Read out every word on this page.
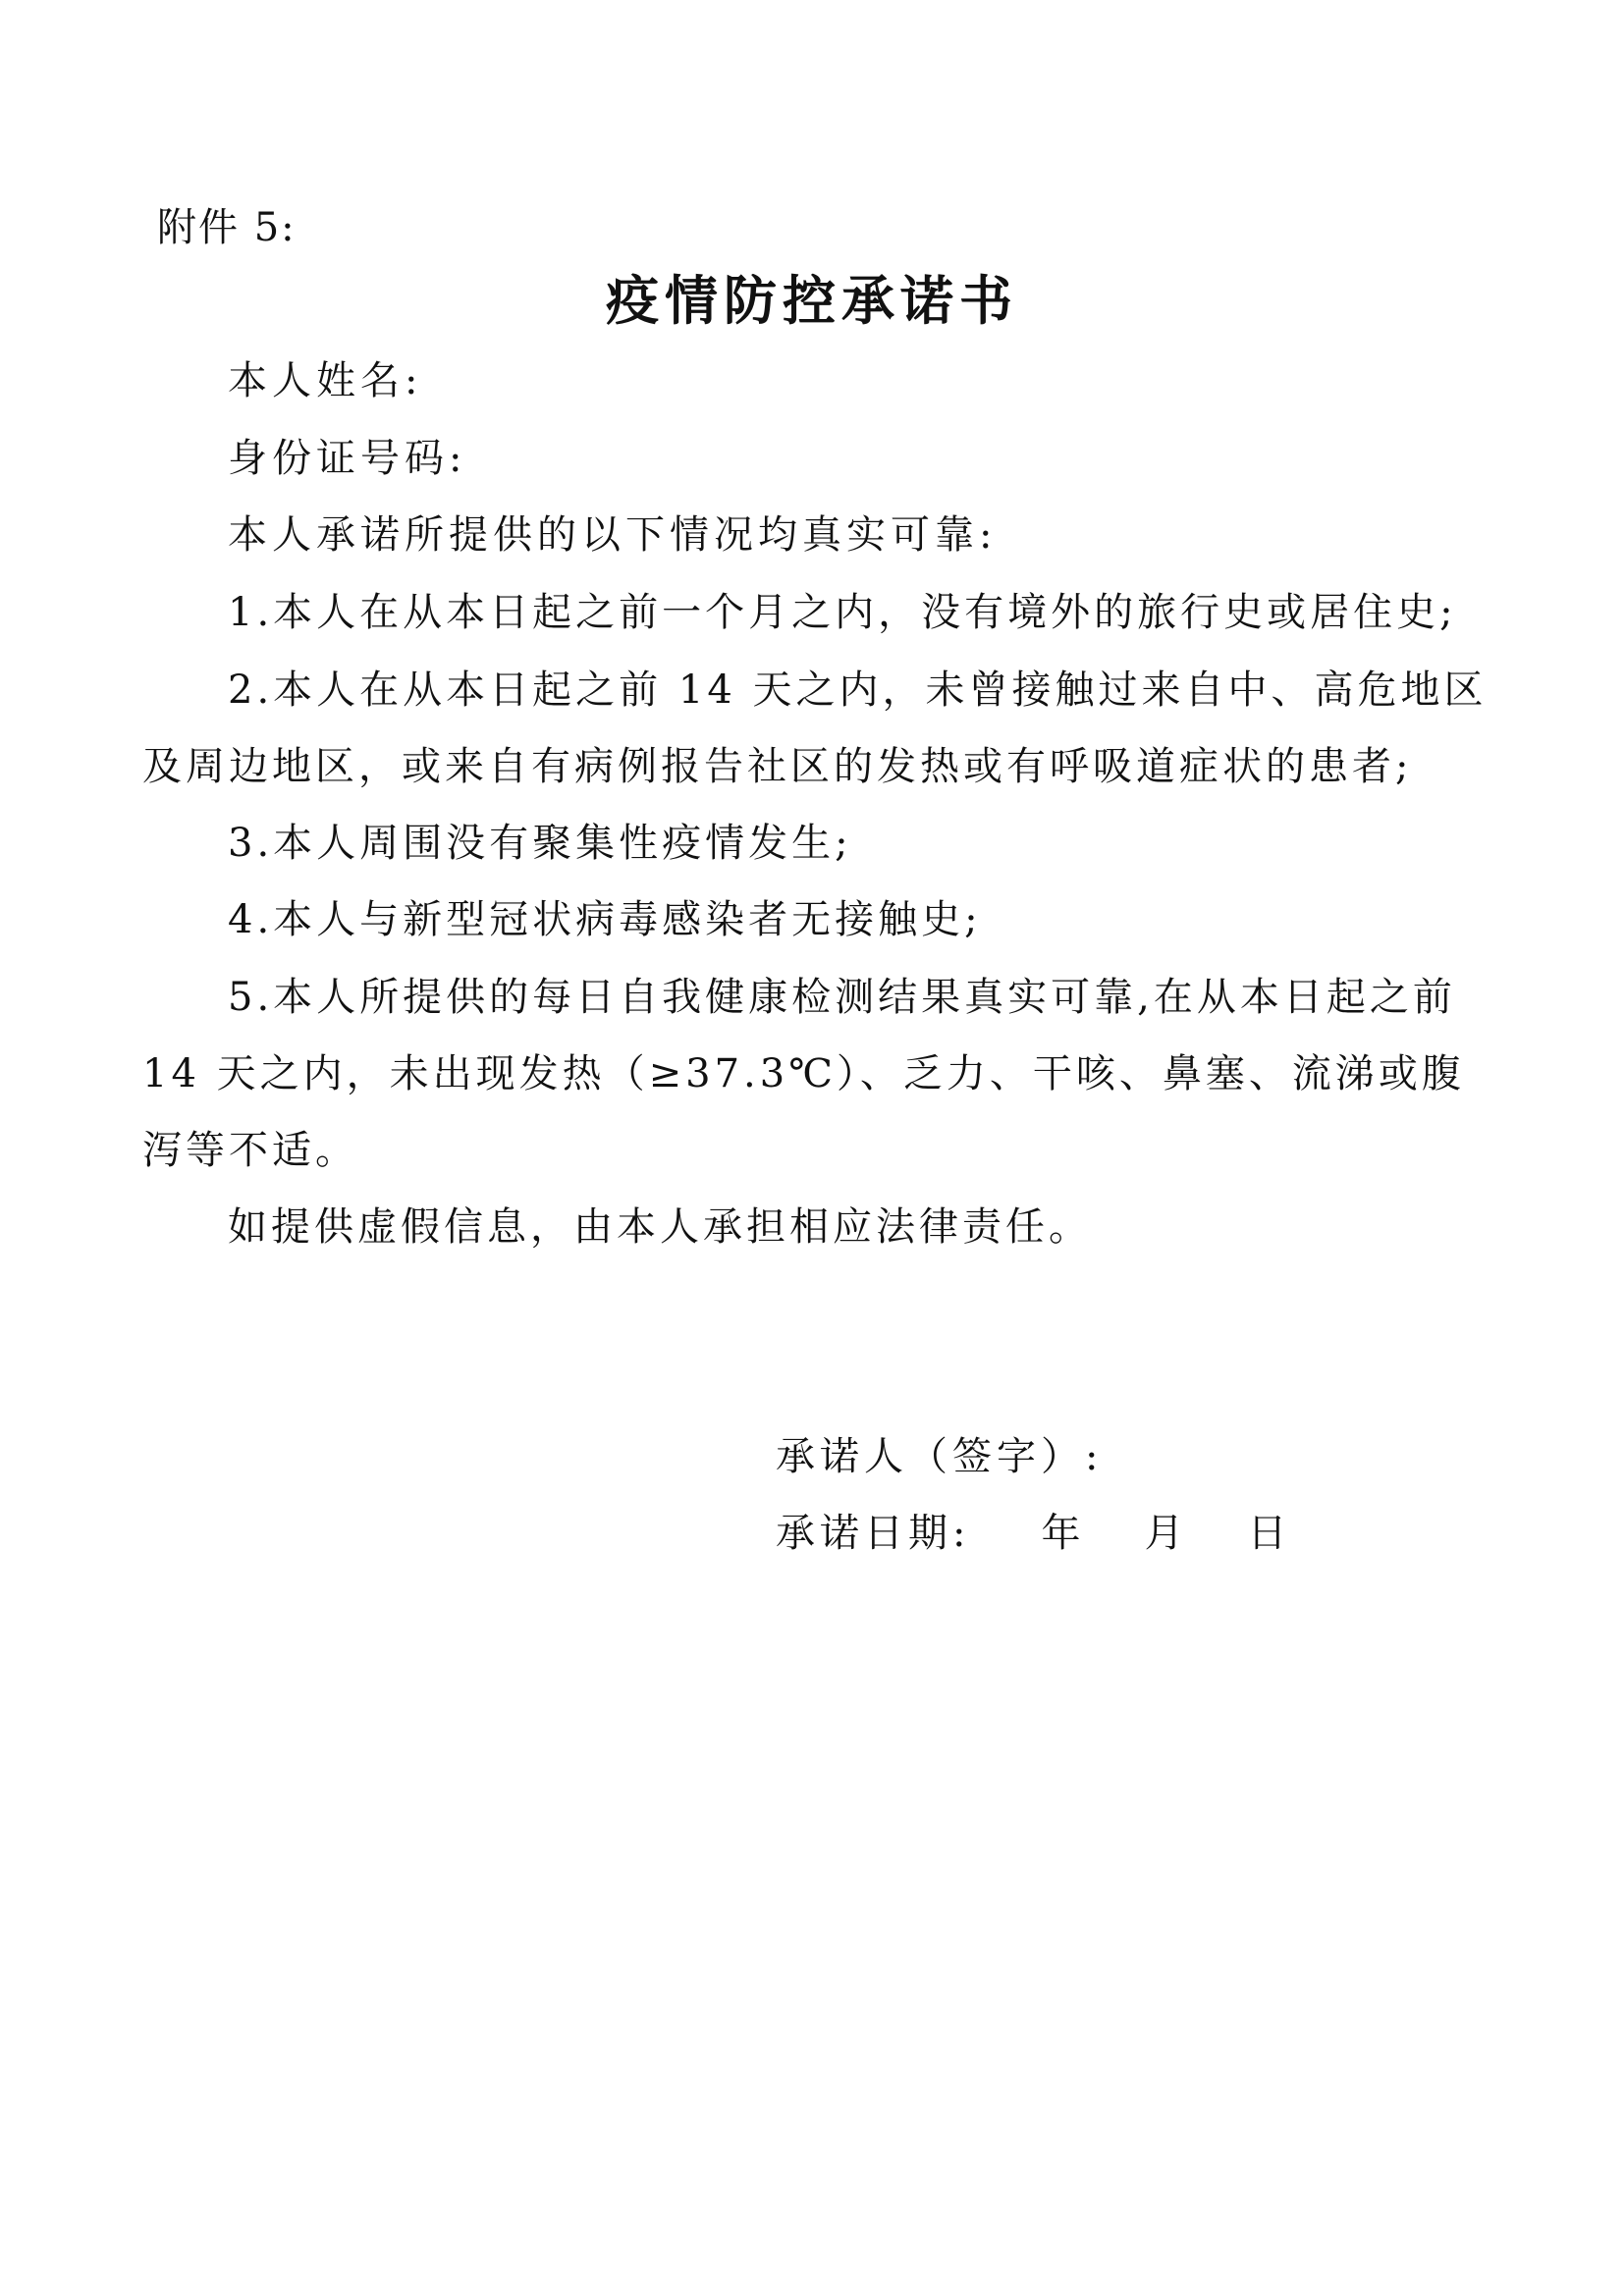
附件 5:
疫情防控承诺书
本人姓名:
身份证号码:
本人承诺所提供的以下情况均真实可靠:
1.本人在从本日起之前一个月之内，没有境外的旅行史或居住史;
2.本人在从本日起之前 14 天之内，未曾接触过来自中、高危地区
及周边地区，或来自有病例报告社区的发热或有呼吸道症状的患者;
3.本人周围没有聚集性疫情发生;
4.本人与新型冠状病毒感染者无接触史;
5.本人所提供的每日自我健康检测结果真实可靠,在从本日起之前
14 天之内，未出现发热（≥37.3℃）、乏力、干咳、鼻塞、流涕或腹
泻等不适。
如提供虚假信息，由本人承担相应法律责任。
承诺人（签字）:
承诺日期: 年 月 日
